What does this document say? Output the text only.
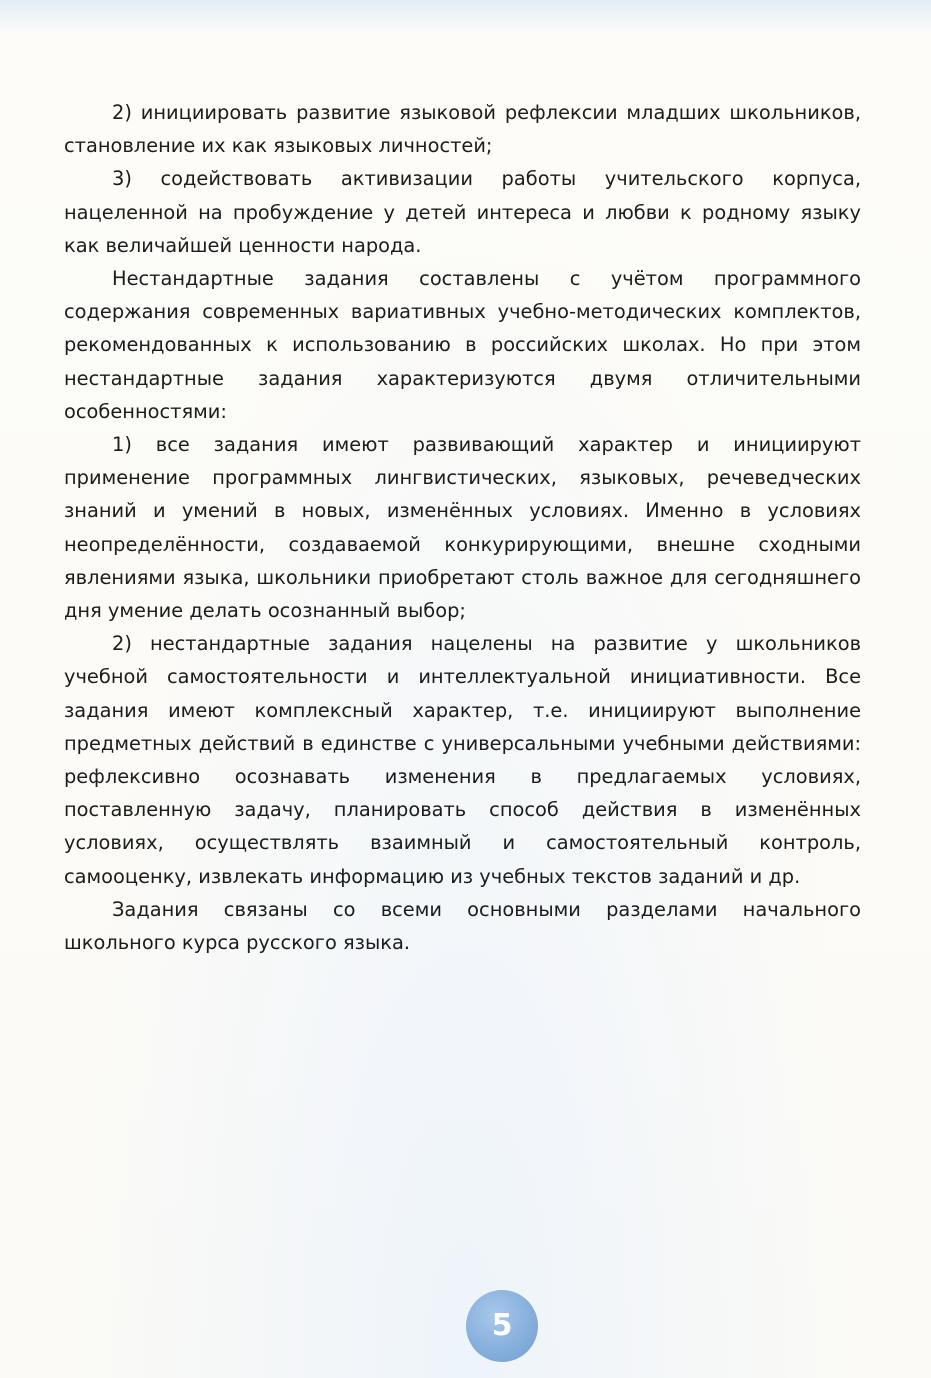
2) инициировать развитие языковой рефлексии младших школьников, становление их как языковых личностей;

3) содействовать активизации работы учительского корпуса, нацеленной на пробуждение у детей интереса и любви к родному языку как величайшей ценности народа.

Нестандартные задания составлены с учётом программного содержания современных вариативных учебно-методических комплектов, рекомендованных к использованию в российских школах. Но при этом нестандартные задания характеризуются двумя отличительными особенностями:

1) все задания имеют развивающий характер и инициируют применение программных лингвистических, языковых, речеведческих знаний и умений в новых, изменённых условиях. Именно в условиях неопределённости, создаваемой конкурирующими, внешне сходными явлениями языка, школьники приобретают столь важное для сегодняшнего дня умение делать осознанный выбор;

2) нестандартные задания нацелены на развитие у школьников учебной самостоятельности и интеллектуальной инициативности. Все задания имеют комплексный характер, т.е. инициируют выполнение предметных действий в единстве с универсальными учебными действиями: рефлексивно осознавать изменения в предлагаемых условиях, поставленную задачу, планировать способ действия в изменённых условиях, осуществлять взаимный и самостоятельный контроль, самооценку, извлекать информацию из учебных текстов заданий и др.

Задания связаны со всеми основными разделами начального школьного курса русского языка.

5
